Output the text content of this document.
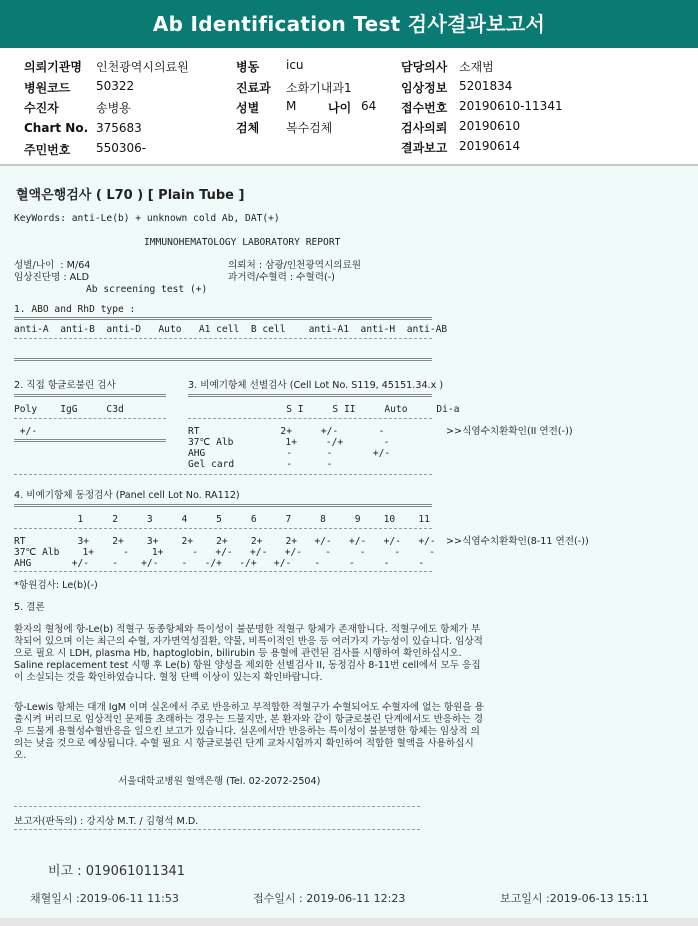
Ab Identification Test 검사결과보고서
의뢰기관명 인천광역시의료원
병원코드 50322
수진자	송병용
Chart No. 375683
주민번호 550306-
병동 icu
진료과 소화기내과1
성별 M	나이 64
검체 복수검체
담당의사 소재범
임상정보 5201834
접수번호 20190610-11341
검사의뢰 20190610
결과보고 20190614
혈액은행검사 ( L70 ) [ Plain Tube ]
KeyWords: anti-Le(b) + unknown cold Ab, DAT(+)
IMMUNOHEMATOLOGY LABORATORY REPORT
성별/나이  : M/64
임상진단명 : ALD
Ab screening test (+)
의뢰처 : 삼광/인천광역시의료원
과거력/수혈력 : 수혈력(-)
1. ABO and RhD type :
anti-A  anti-B  anti-D   Auto   A1 cell  B cell    anti-A1  anti-H  anti-AB
2. 직접 항글로불린 검사
Poly    IgG     C3d
+/-
3. 비예기항체 선별검사 (Cell Lot No. S119, 45151.34.x )
S I     S II     Auto     Di-a
RT              2+     +/-       -
37℃ Alb         1+     -/+       -
AHG              -      -       +/-
Gel card         -      -
>>식염수치환확인(II 연전(-))
4. 비예기항체 동정검사 (Panel cell Lot No. RA112)
1     2     3     4     5     6     7     8     9    10    11
RT         3+    2+    3+    2+    2+    2+    2+   +/-   +/-   +/-   +/-
37℃ Alb    1+     -    1+     -   +/-   +/-   +/-    -     -     -     -
AHG       +/-    -    +/-    -   -/+   -/+   +/-    -     -     -     -
>>식염수치환확인(8-11 연전(-))
*항원검사: Le(b)(-)
5. 결론
환자의 혈청에 항-Le(b) 적혈구 동종항체와 특이성이 불분명한 적혈구 항체가 존재합니다. 적혈구에도 항체가 부착되어 있으며 이는 최근의 수혈, 자가면역성질환, 약물, 비특이적인 반응 등 여러가지 가능성이 있습니다. 임상적으로 필요 시 LDH, plasma Hb, haptoglobin, bilirubin 등 용혈에 관련된 검사를 시행하여 확인하십시오. Saline replacement test 시행 후 Le(b) 항원 양성을 제외한 선별검사 II, 동정검사 8-11번 cell에서 모두 응집이 소실되는 것을 확인하였습니다. 혈청 단백 이상이 있는지 확인바랍니다.
항-Lewis 항체는 대개 IgM 이며 실온에서 주로 반응하고 부적합한 적혈구가 수혈되어도 수혈자에 없는 항원을 용출시켜 버리므로 임상적인 문제를 초래하는 경우는 드물지만, 본 환자와 같이 항글로불린 단계에서도 반응하는 경우 드물게 용혈성수혈반응을 일으킨 보고가 있습니다. 실온에서만 반응하는 특이성이 불분명한 항체는 임상적 의의는 낮을 것으로 예상됩니다. 수혈 필요 시 항글로불린 단계 교차시험까지 확인하여 적합한 혈액을 사용하십시오.
서울대학교병원 혈액은행 (Tel. 02-2072-2504)
보고자(판독의) : 강지상 M.T. / 김형석 M.D.
비고 : 019061011341
채혈일시 :2019-06-11 11:53	접수일시 : 2019-06-11 12:23	보고일시 :2019-06-13 15:11
